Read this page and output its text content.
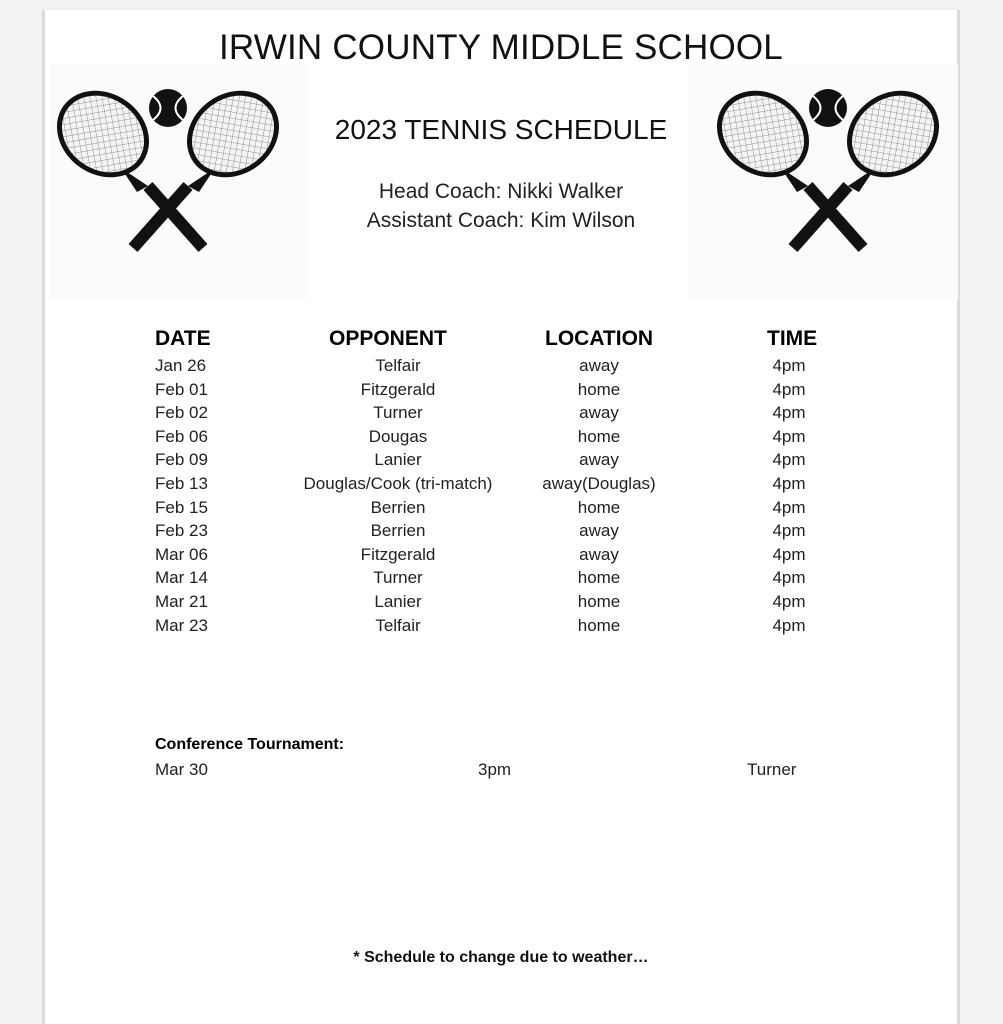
IRWIN COUNTY MIDDLE SCHOOL
2023 TENNIS SCHEDULE
Head Coach: Nikki Walker
Assistant Coach: Kim Wilson
DATE	OPPONENT	LOCATION	TIME
Jan 26	Telfair	away	4pm
Feb 01	Fitzgerald	home	4pm
Feb 02	Turner	away	4pm
Feb 06	Dougas	home	4pm
Feb 09	Lanier	away	4pm
Feb 13	Douglas/Cook (tri-match)	away(Douglas)	4pm
Feb 15	Berrien	home	4pm
Feb 23	Berrien	away	4pm
Mar 06	Fitzgerald	away	4pm
Mar 14	Turner	home	4pm
Mar 21	Lanier	home	4pm
Mar 23	Telfair	home	4pm
Conference Tournament:
Mar 30	3pm	Turner
* Schedule to change due to weather…
